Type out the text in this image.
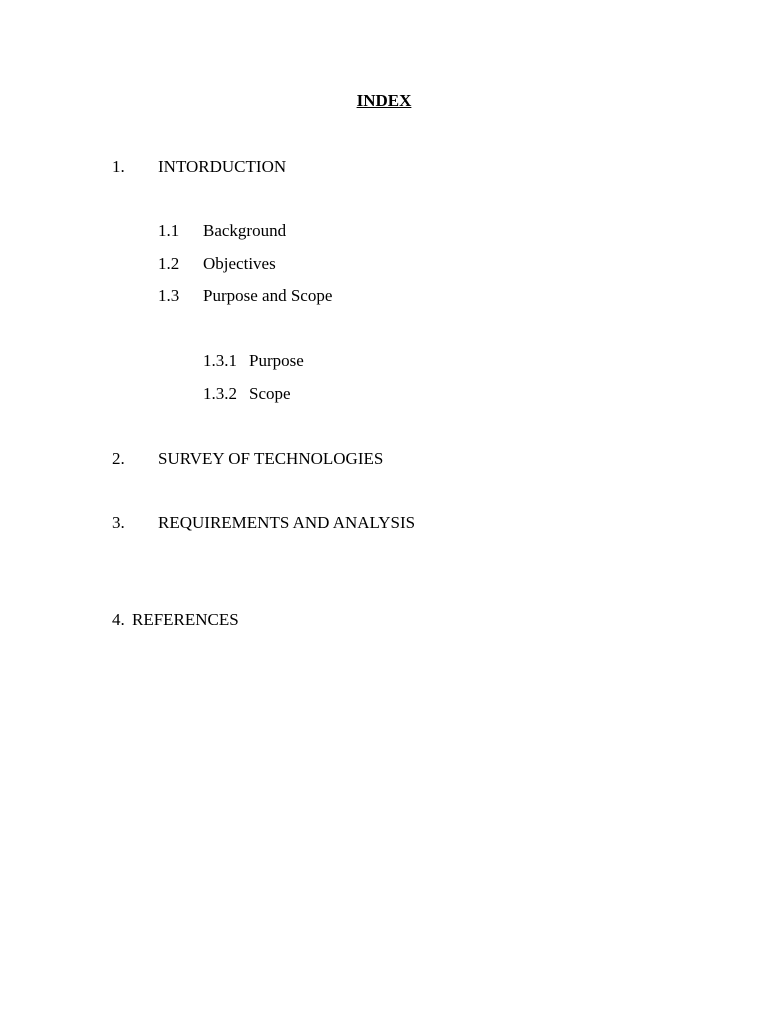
INDEX
1. INTORDUCTION
1.1 Background
1.2 Objectives
1.3 Purpose and Scope
1.3.1 Purpose
1.3.2 Scope
2. SURVEY OF TECHNOLOGIES
3. REQUIREMENTS AND ANALYSIS
4. REFERENCES
